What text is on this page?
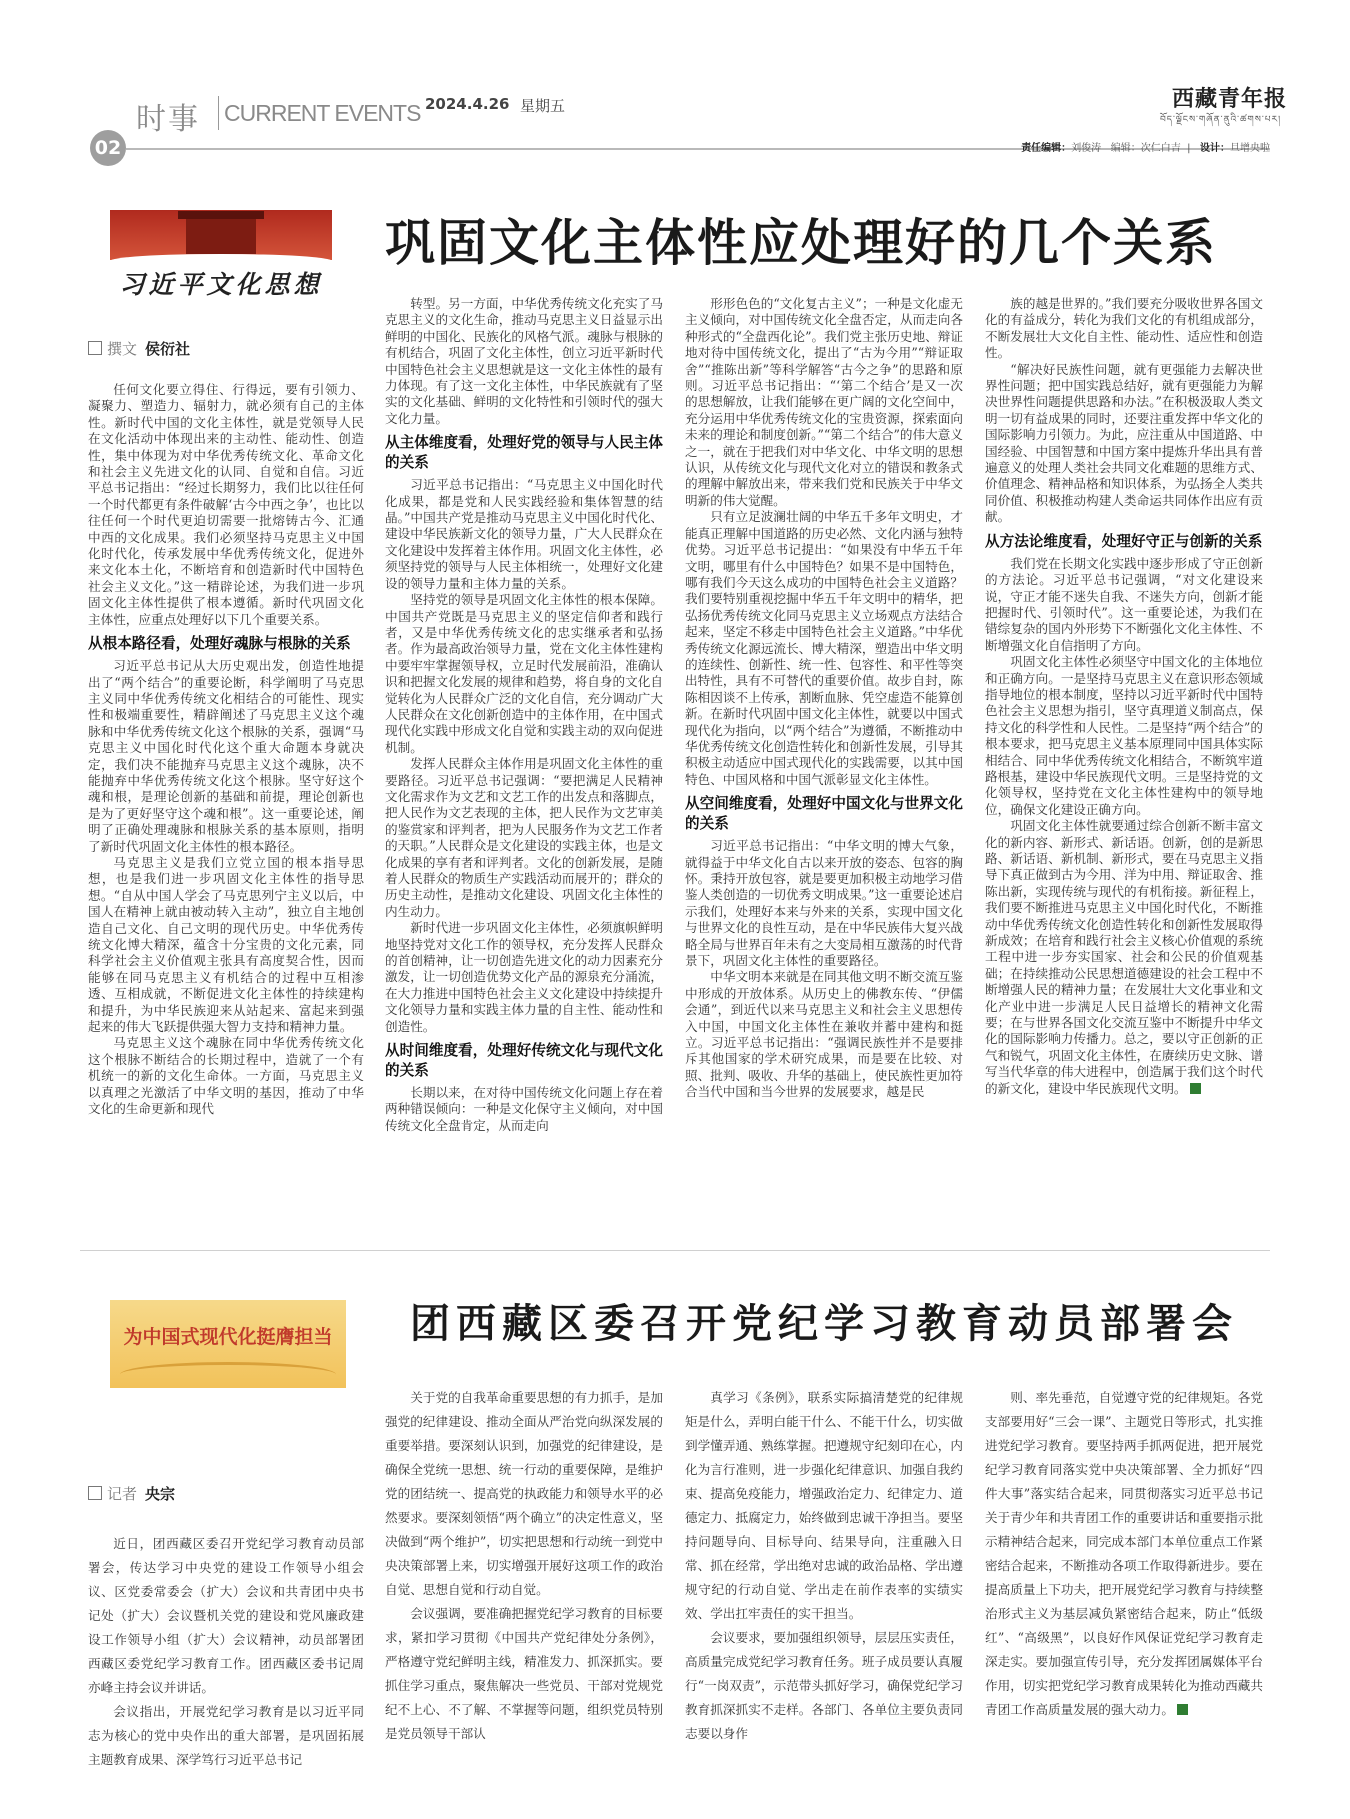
时事 CURRENT EVENTS 2024.4.26 星期五	西藏青年报
བོད་ལྗོངས་གཞོན་ནུའི་ཚགས་པར།
02	责任编辑：刘俊涛 编辑：次仁白吉  |   设计：旦增央啦
习近平文化思想
巩固文化主体性应处理好的几个关系
撰文 侯衍社

任何文化要立得住、行得远，要有引领力、凝聚力、塑造力、辐射力，就必须有自己的主体性。新时代中国的文化主体性，就是党领导人民在文化活动中体现出来的主动性、能动性、创造性，集中体现为对中华优秀传统文化、革命文化和社会主义先进文化的认同、自觉和自信。习近平总书记指出：“经过长期努力，我们比以往任何一个时代都更有条件破解‘古今中西之争’，也比以往任何一个时代更迫切需要一批熔铸古今、汇通中西的文化成果。我们必须坚持马克思主义中国化时代化，传承发展中华优秀传统文化，促进外来文化本土化，不断培育和创造新时代中国特色社会主义文化。”这一精辟论述，为我们进一步巩固文化主体性提供了根本遵循。新时代巩固文化主体性，应重点处理好以下几个重要关系。

从根本路径看，处理好魂脉与根脉的关系

习近平总书记从大历史观出发，创造性地提出了“两个结合”的重要论断，科学阐明了马克思主义同中华优秀传统文化相结合的可能性、现实性和极端重要性，精辟阐述了马克思主义这个魂脉和中华优秀传统文化这个根脉的关系，强调“马克思主义中国化时代化这个重大命题本身就决定，我们决不能抛弃马克思主义这个魂脉，决不能抛弃中华优秀传统文化这个根脉。坚守好这个魂和根，是理论创新的基础和前提，理论创新也是为了更好坚守这个魂和根”。这一重要论述，阐明了正确处理魂脉和根脉关系的基本原则，指明了新时代巩固文化主体性的根本路径。

马克思主义是我们立党立国的根本指导思想，也是我们进一步巩固文化主体性的指导思想。“自从中国人学会了马克思列宁主义以后，中国人在精神上就由被动转入主动”，独立自主地创造自己文化、自己文明的现代历史。中华优秀传统文化博大精深，蕴含十分宝贵的文化元素，同科学社会主义价值观主张具有高度契合性，因而能够在同马克思主义有机结合的过程中互相渗透、互相成就，不断促进文化主体性的持续建构和提升，为中华民族迎来从站起来、富起来到强起来的伟大飞跃提供强大智力支持和精神力量。

马克思主义这个魂脉在同中华优秀传统文化这个根脉不断结合的长期过程中，造就了一个有机统一的新的文化生命体。一方面，马克思主义以真理之光激活了中华文明的基因，推动了中华文化的生命更新和现代

转型。另一方面，中华优秀传统文化充实了马克思主义的文化生命，推动马克思主义日益显示出鲜明的中国化、民族化的风格气派。魂脉与根脉的有机结合，巩固了文化主体性，创立习近平新时代中国特色社会主义思想就是这一文化主体性的最有力体现。有了这一文化主体性，中华民族就有了坚实的文化基础、鲜明的文化特性和引领时代的强大文化力量。

从主体维度看，处理好党的领导与人民主体的关系

习近平总书记指出：“马克思主义中国化时代化成果，都是党和人民实践经验和集体智慧的结晶。”中国共产党是推动马克思主义中国化时代化、建设中华民族新文化的领导力量，广大人民群众在文化建设中发挥着主体作用。巩固文化主体性，必须坚持党的领导与人民主体相统一，处理好文化建设的领导力量和主体力量的关系。

坚持党的领导是巩固文化主体性的根本保障。中国共产党既是马克思主义的坚定信仰者和践行者，又是中华优秀传统文化的忠实继承者和弘扬者。作为最高政治领导力量，党在文化主体性建构中要牢牢掌握领导权，立足时代发展前沿，准确认识和把握文化发展的规律和趋势，将自身的文化自觉转化为人民群众广泛的文化自信，充分调动广大人民群众在文化创新创造中的主体作用，在中国式现代化实践中形成文化自觉和实践主动的双向促进机制。

发挥人民群众主体作用是巩固文化主体性的重要路径。习近平总书记强调：“要把满足人民精神文化需求作为文艺和文艺工作的出发点和落脚点，把人民作为文艺表现的主体，把人民作为文艺审美的鉴赏家和评判者，把为人民服务作为文艺工作者的天职。”人民群众是文化建设的实践主体，也是文化成果的享有者和评判者。文化的创新发展，是随着人民群众的物质生产实践活动而展开的；群众的历史主动性，是推动文化建设、巩固文化主体性的内生动力。

新时代进一步巩固文化主体性，必须旗帜鲜明地坚持党对文化工作的领导权，充分发挥人民群众的首创精神，让一切创造先进文化的动力因素充分激发，让一切创造优势文化产品的源泉充分涌流，在大力推进中国特色社会主义文化建设中持续提升文化领导力量和实践主体力量的自主性、能动性和创造性。

从时间维度看，处理好传统文化与现代文化的关系

长期以来，在对待中国传统文化问题上存在着两种错误倾向：一种是文化保守主义倾向，对中国传统文化全盘肯定，从而走向

形形色色的“文化复古主义”；一种是文化虚无主义倾向，对中国传统文化全盘否定，从而走向各种形式的“全盘西化论”。我们党主张历史地、辩证地对待中国传统文化，提出了“古为今用”“辩证取舍”“推陈出新”等科学解答“古今之争”的思路和原则。习近平总书记指出：“‘第二个结合’是又一次的思想解放，让我们能够在更广阔的文化空间中，充分运用中华优秀传统文化的宝贵资源，探索面向未来的理论和制度创新。”“第二个结合”的伟大意义之一，就在于把我们对中华文化、中华文明的思想认识，从传统文化与现代文化对立的错误和教条式的理解中解放出来，带来我们党和民族关于中华文明新的伟大觉醒。

只有立足波澜壮阔的中华五千多年文明史，才能真正理解中国道路的历史必然、文化内涵与独特优势。习近平总书记提出：“如果没有中华五千年文明，哪里有什么中国特色？如果不是中国特色，哪有我们今天这么成功的中国特色社会主义道路？我们要特别重视挖掘中华五千年文明中的精华，把弘扬优秀传统文化同马克思主义立场观点方法结合起来，坚定不移走中国特色社会主义道路。”中华优秀传统文化源远流长、博大精深，塑造出中华文明的连续性、创新性、统一性、包容性、和平性等突出特性，具有不可替代的重要价值。故步自封，陈陈相因谈不上传承，割断血脉、凭空虚造不能算创新。在新时代巩固中国文化主体性，就要以中国式现代化为指向，以“两个结合”为遵循，不断推动中华优秀传统文化创造性转化和创新性发展，引导其积极主动适应中国式现代化的实践需要，以其中国特色、中国风格和中国气派彰显文化主体性。

从空间维度看，处理好中国文化与世界文化的关系

习近平总书记指出：“中华文明的博大气象，就得益于中华文化自古以来开放的姿态、包容的胸怀。秉持开放包容，就是要更加积极主动地学习借鉴人类创造的一切优秀文明成果。”这一重要论述启示我们，处理好本来与外来的关系，实现中国文化与世界文化的良性互动，是在中华民族伟大复兴战略全局与世界百年未有之大变局相互激荡的时代背景下，巩固文化主体性的重要路径。

中华文明本来就是在同其他文明不断交流互鉴中形成的开放体系。从历史上的佛教东传、“伊儒会通”，到近代以来马克思主义和社会主义思想传入中国，中国文化主体性在兼收并蓄中建构和挺立。习近平总书记指出：“强调民族性并不是要排斥其他国家的学术研究成果，而是要在比较、对照、批判、吸收、升华的基础上，使民族性更加符合当代中国和当今世界的发展要求，越是民

族的越是世界的。”我们要充分吸收世界各国文化的有益成分，转化为我们文化的有机组成部分，不断发展壮大文化自主性、能动性、适应性和创造性。

“解决好民族性问题，就有更强能力去解决世界性问题；把中国实践总结好，就有更强能力为解决世界性问题提供思路和办法。”在积极汲取人类文明一切有益成果的同时，还要注重发挥中华文化的国际影响力引领力。为此，应注重从中国道路、中国经验、中国智慧和中国方案中提炼升华出具有普遍意义的处理人类社会共同文化难题的思维方式、价值理念、精神品格和知识体系，为弘扬全人类共同价值、积极推动构建人类命运共同体作出应有贡献。

从方法论维度看，处理好守正与创新的关系

我们党在长期文化实践中逐步形成了守正创新的方法论。习近平总书记强调，“对文化建设来说，守正才能不迷失自我、不迷失方向，创新才能把握时代、引领时代”。这一重要论述，为我们在错综复杂的国内外形势下不断强化文化主体性、不断增强文化自信指明了方向。

巩固文化主体性必须坚守中国文化的主体地位和正确方向。一是坚持马克思主义在意识形态领域指导地位的根本制度，坚持以习近平新时代中国特色社会主义思想为指引，坚守真理道义制高点，保持文化的科学性和人民性。二是坚持“两个结合”的根本要求，把马克思主义基本原理同中国具体实际相结合、同中华优秀传统文化相结合，不断筑牢道路根基，建设中华民族现代文明。三是坚持党的文化领导权，坚持党在文化主体性建构中的领导地位，确保文化建设正确方向。

巩固文化主体性就要通过综合创新不断丰富文化的新内容、新形式、新话语。创新，创的是新思路、新话语、新机制、新形式，要在马克思主义指导下真正做到古为今用、洋为中用、辩证取舍、推陈出新，实现传统与现代的有机衔接。新征程上，我们要不断推进马克思主义中国化时代化，不断推动中华优秀传统文化创造性转化和创新性发展取得新成效；在培育和践行社会主义核心价值观的系统工程中进一步夯实国家、社会和公民的价值观基础；在持续推动公民思想道德建设的社会工程中不断增强人民的精神力量；在发展壮大文化事业和文化产业中进一步满足人民日益增长的精神文化需要；在与世界各国文化交流互鉴中不断提升中华文化的国际影响力传播力。总之，要以守正创新的正气和锐气，巩固文化主体性，在赓续历史文脉、谱写当代华章的伟大进程中，创造属于我们这个时代的新文化，建设中华民族现代文明。

为中国式现代化挺膺担当	团西藏区委召开党纪学习教育动员部署会
记者 央宗

近日，团西藏区委召开党纪学习教育动员部署会，传达学习中央党的建设工作领导小组会议、区党委常委会（扩大）会议和共青团中央书记处（扩大）会议暨机关党的建设和党风廉政建设工作领导小组（扩大）会议精神，动员部署团西藏区委党纪学习教育工作。团西藏区委书记周亦峰主持会议并讲话。

会议指出，开展党纪学习教育是以习近平同志为核心的党中央作出的重大部署，是巩固拓展主题教育成果、深学笃行习近平总书记

关于党的自我革命重要思想的有力抓手，是加强党的纪律建设、推动全面从严治党向纵深发展的重要举措。要深刻认识到，加强党的纪律建设，是确保全党统一思想、统一行动的重要保障，是维护党的团结统一、提高党的执政能力和领导水平的必然要求。要深刻领悟“两个确立”的决定性意义，坚决做到“两个维护”，切实把思想和行动统一到党中央决策部署上来，切实增强开展好这项工作的政治自觉、思想自觉和行动自觉。

会议强调，要准确把握党纪学习教育的目标要求，紧扣学习贯彻《中国共产党纪律处分条例》，严格遵守党纪鲜明主线，精准发力、抓深抓实。要抓住学习重点，聚焦解决一些党员、干部对党规党纪不上心、不了解、不掌握等问题，组织党员特别是党员领导干部认

真学习《条例》，联系实际搞清楚党的纪律规矩是什么，弄明白能干什么、不能干什么，切实做到学懂弄通、熟练掌握。把遵规守纪刻印在心，内化为言行准则，进一步强化纪律意识、加强自我约束、提高免疫能力，增强政治定力、纪律定力、道德定力、抵腐定力，始终做到忠诚干净担当。要坚持问题导向、目标导向、结果导向，注重融入日常、抓在经常，学出绝对忠诚的政治品格、学出遵规守纪的行动自觉、学出走在前作表率的实绩实效、学出扛牢责任的实干担当。

会议要求，要加强组织领导，层层压实责任，高质量完成党纪学习教育任务。班子成员要认真履行“一岗双责”，示范带头抓好学习，确保党纪学习教育抓深抓实不走样。各部门、各单位主要负责同志要以身作

则、率先垂范，自觉遵守党的纪律规矩。各党支部要用好“三会一课”、主题党日等形式，扎实推进党纪学习教育。要坚持两手抓两促进，把开展党纪学习教育同落实党中央决策部署、全力抓好“四件大事”落实结合起来，同贯彻落实习近平总书记关于青少年和共青团工作的重要讲话和重要指示批示精神结合起来，同完成本部门本单位重点工作紧密结合起来，不断推动各项工作取得新进步。要在提高质量上下功夫，把开展党纪学习教育与持续整治形式主义为基层减负紧密结合起来，防止“低级红”、“高级黑”，以良好作风保证党纪学习教育走深走实。要加强宣传引导，充分发挥团属媒体平台作用，切实把党纪学习教育成果转化为推动西藏共青团工作高质量发展的强大动力。
